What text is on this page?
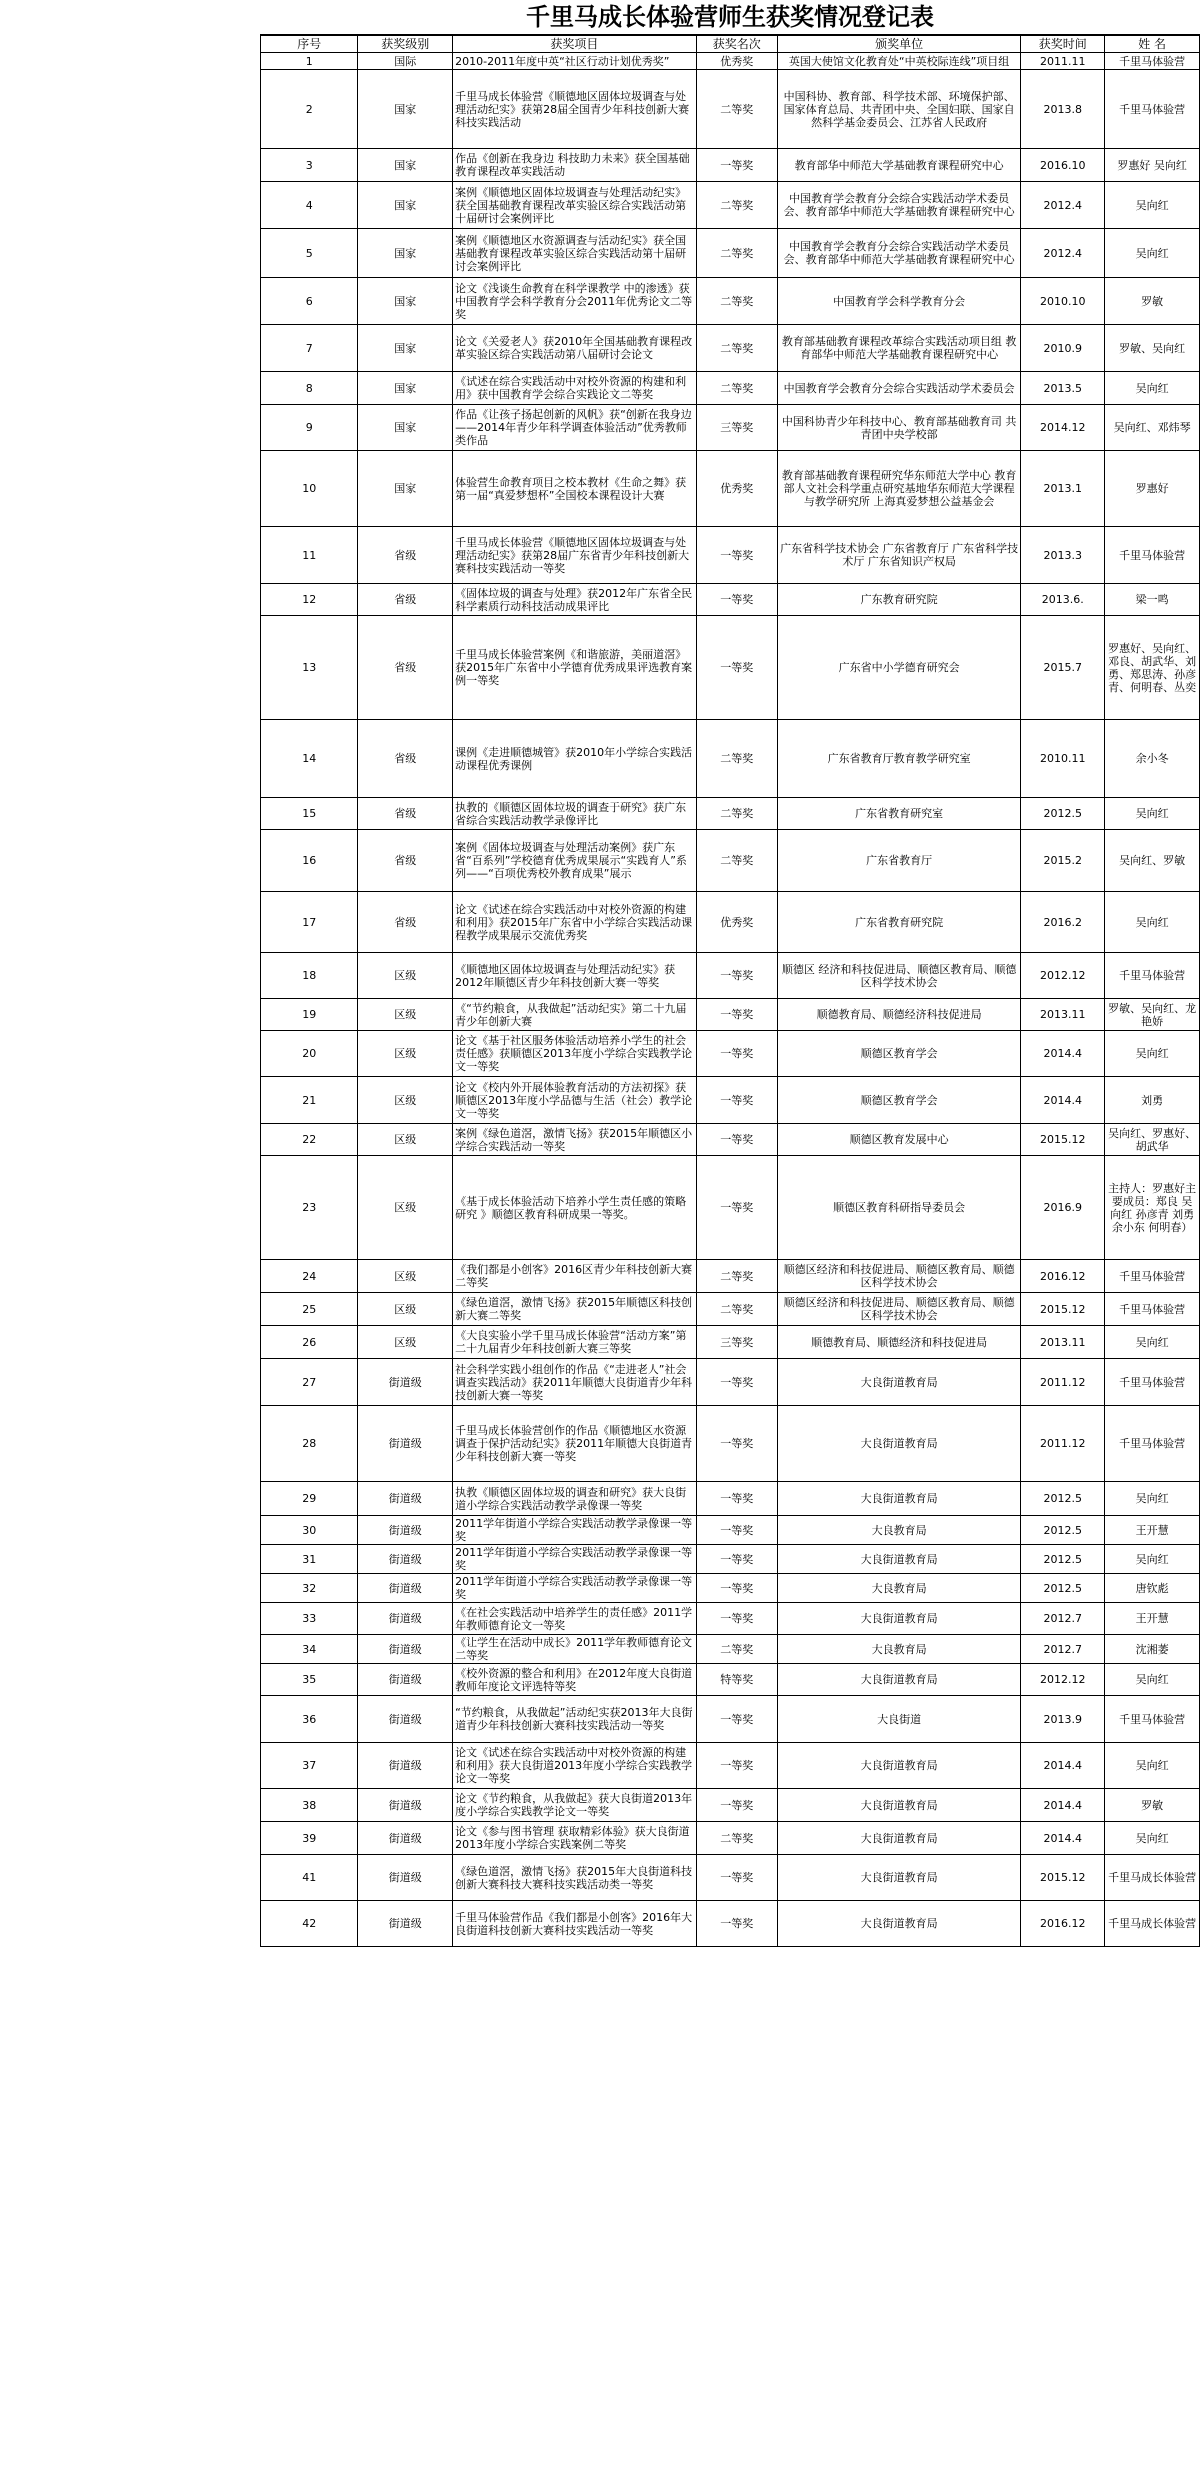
千里马成长体验营师生获奖情况登记表
序号	获奖级别	获奖项目	获奖名次	颁奖单位	获奖时间	姓 名
1	国际	2010-2011年度中英“社区行动计划优秀奖”	优秀奖	英国大使馆文化教育处“中英校际连线”项目组	2011.11	千里马体验营
2	国家	千里马成长体验营《顺德地区固体垃圾调查与处理活动纪实》获第28届全国青少年科技创新大赛科技实践活动	二等奖	中国科协、教育部、科学技术部、环境保护部、国家体育总局、共青团中央、全国妇联、国家自然科学基金委员会、江苏省人民政府	2013.8	千里马体验营
3	国家	作品《创新在我身边 科技助力未来》获全国基础教育课程改革实践活动	一等奖	教育部华中师范大学基础教育课程研究中心	2016.10	罗惠好 吴向红
4	国家	案例《顺德地区固体垃圾调查与处理活动纪实》获全国基础教育课程改革实验区综合实践活动第十届研讨会案例评比	二等奖	中国教育学会教育分会综合实践活动学术委员会、教育部华中师范大学基础教育课程研究中心	2012.4	吴向红
5	国家	案例《顺德地区水资源调查与活动纪实》获全国基础教育课程改革实验区综合实践活动第十届研讨会案例评比	二等奖	中国教育学会教育分会综合实践活动学术委员会、教育部华中师范大学基础教育课程研究中心	2012.4	吴向红
6	国家	论文《浅谈生命教育在科学课教学 中的渗透》获中国教育学会科学教育分会2011年优秀论文二等奖	二等奖	中国教育学会科学教育分会	2010.10	罗敏
7	国家	论文《关爱老人》获2010年全国基础教育课程改革实验区综合实践活动第八届研讨会论文	二等奖	教育部基础教育课程改革综合实践活动项目组 教育部华中师范大学基础教育课程研究中心	2010.9	罗敏、吴向红
8	国家	《试述在综合实践活动中对校外资源的构建和利用》获中国教育学会综合实践论文二等奖	二等奖	中国教育学会教育分会综合实践活动学术委员会	2013.5	吴向红
9	国家	作品《让孩子扬起创新的风帆》获“创新在我身边——2014年青少年科学调查体验活动”优秀教师类作品	三等奖	中国科协青少年科技中心、教育部基础教育司 共青团中央学校部	2014.12	吴向红、邓炜琴
10	国家	体验营生命教育项目之校本教材《生命之舞》获第一届“真爱梦想杯”全国校本课程设计大赛	优秀奖	教育部基础教育课程研究华东师范大学中心 教育部人文社会科学重点研究基地华东师范大学课程与教学研究所 上海真爱梦想公益基金会	2013.1	罗惠好
11	省级	千里马成长体验营《顺德地区固体垃圾调查与处理活动纪实》获第28届广东省青少年科技创新大赛科技实践活动一等奖	一等奖	广东省科学技术协会 广东省教育厅 广东省科学技术厅 广东省知识产权局	2013.3	千里马体验营
12	省级	《固体垃圾的调查与处理》获2012年广东省全民科学素质行动科技活动成果评比	一等奖	广东教育研究院	2013.6.	梁一鸣
13	省级	千里马成长体验营案例《和谐旅游，美丽道滘》获2015年广东省中小学德育优秀成果评选教育案例一等奖	一等奖	广东省中小学德育研究会	2015.7	罗惠好、吴向红、邓良、胡武华、刘勇、郑思涛、孙彦青、何明春、丛奕
14	省级	课例《走进顺德城管》获2010年小学综合实践活动课程优秀课例	二等奖	广东省教育厅教育教学研究室	2010.11	余小冬
15	省级	执教的《顺德区固体垃圾的调查于研究》获广东省综合实践活动教学录像评比	二等奖	广东省教育研究室	2012.5	吴向红
16	省级	案例《固体垃圾调查与处理活动案例》获广东省“百系列”学校德育优秀成果展示“实践育人”系列——“百项优秀校外教育成果”展示	二等奖	广东省教育厅	2015.2	吴向红、罗敏
17	省级	论文《试述在综合实践活动中对校外资源的构建和利用》获2015年广东省中小学综合实践活动课程教学成果展示交流优秀奖	优秀奖	广东省教育研究院	2016.2	吴向红
18	区级	《顺德地区固体垃圾调查与处理活动纪实》获2012年顺德区青少年科技创新大赛一等奖	一等奖	顺德区 经济和科技促进局、顺德区教育局、顺德区科学技术协会	2012.12	千里马体验营
19	区级	《“节约粮食，从我做起”活动纪实》第二十九届青少年创新大赛	一等奖	顺德教育局、顺德经济科技促进局	2013.11	罗敏、吴向红、龙艳娇
20	区级	论文《基于社区服务体验活动培养小学生的社会责任感》获顺德区2013年度小学综合实践教学论文一等奖	一等奖	顺德区教育学会	2014.4	吴向红
21	区级	论文《校内外开展体验教育活动的方法初探》获顺德区2013年度小学品德与生活（社会）教学论文一等奖	一等奖	顺德区教育学会	2014.4	刘勇
22	区级	案例《绿色道滘，激情飞扬》获2015年顺德区小学综合实践活动一等奖	一等奖	顺德区教育发展中心	2015.12	吴向红、罗惠好、胡武华
23	区级	《基于成长体验活动下培养小学生责任感的策略研究 》顺德区教育科研成果一等奖。	一等奖	顺德区教育科研指导委员会	2016.9	主持人：罗惠好主要成员：郑良 吴向红 孙彦青 刘勇 余小东 何明春）
24	区级	《我们都是小创客》2016区青少年科技创新大赛二等奖	二等奖	顺德区经济和科技促进局、顺德区教育局、顺德区科学技术协会	2016.12	千里马体验营
25	区级	《绿色道滘，激情飞扬》获2015年顺德区科技创新大赛二等奖	二等奖	顺德区经济和科技促进局、顺德区教育局、顺德区科学技术协会	2015.12	千里马体验营
26	区级	《大良实验小学千里马成长体验营“活动方案”第二十九届青少年科技创新大赛三等奖	三等奖	顺德教育局、顺德经济和科技促进局	2013.11	吴向红
27	街道级	社会科学实践小组创作的作品《“走进老人”社会调查实践活动》获2011年顺德大良街道青少年科技创新大赛一等奖	一等奖	大良街道教育局	2011.12	千里马体验营
28	街道级	千里马成长体验营创作的作品《顺德地区水资源调查于保护活动纪实》获2011年顺德大良街道青少年科技创新大赛一等奖	一等奖	大良街道教育局	2011.12	千里马体验营
29	街道级	执教《顺德区固体垃圾的调查和研究》获大良街道小学综合实践活动教学录像课一等奖	一等奖	大良街道教育局	2012.5	吴向红
30	街道级	2011学年街道小学综合实践活动教学录像课一等奖	一等奖	大良教育局	2012.5	王开慧
31	街道级	2011学年街道小学综合实践活动教学录像课一等奖	一等奖	大良街道教育局	2012.5	吴向红
32	街道级	2011学年街道小学综合实践活动教学录像课一等奖	一等奖	大良教育局	2012.5	唐钦彪
33	街道级	《在社会实践活动中培养学生的责任感》2011学年教师德育论文一等奖	一等奖	大良街道教育局	2012.7	王开慧
34	街道级	《让学生在活动中成长》2011学年教师德育论文二等奖	二等奖	大良教育局	2012.7	沈湘萎
35	街道级	《校外资源的整合和利用》在2012年度大良街道教师年度论文评选特等奖	特等奖	大良街道教育局	2012.12	吴向红
36	街道级	“节约粮食，从我做起”活动纪实获2013年大良街道青少年科技创新大赛科技实践活动一等奖	一等奖	大良街道	2013.9	千里马体验营
37	街道级	论文《试述在综合实践活动中对校外资源的构建和利用》获大良街道2013年度小学综合实践教学论文一等奖	一等奖	大良街道教育局	2014.4	吴向红
38	街道级	论文《节约粮食，从我做起》获大良街道2013年度小学综合实践教学论文一等奖	一等奖	大良街道教育局	2014.4	罗敏
39	街道级	论文《参与图书管理 获取精彩体验》获大良街道2013年度小学综合实践案例二等奖	二等奖	大良街道教育局	2014.4	吴向红
41	街道级	《绿色道滘，激情飞扬》获2015年大良街道科技创新大赛科技大赛科技实践活动类一等奖	一等奖	大良街道教育局	2015.12	千里马成长体验营
42	街道级	千里马体验营作品《我们都是小创客》2016年大良街道科技创新大赛科技实践活动一等奖	一等奖	大良街道教育局	2016.12	千里马成长体验营
